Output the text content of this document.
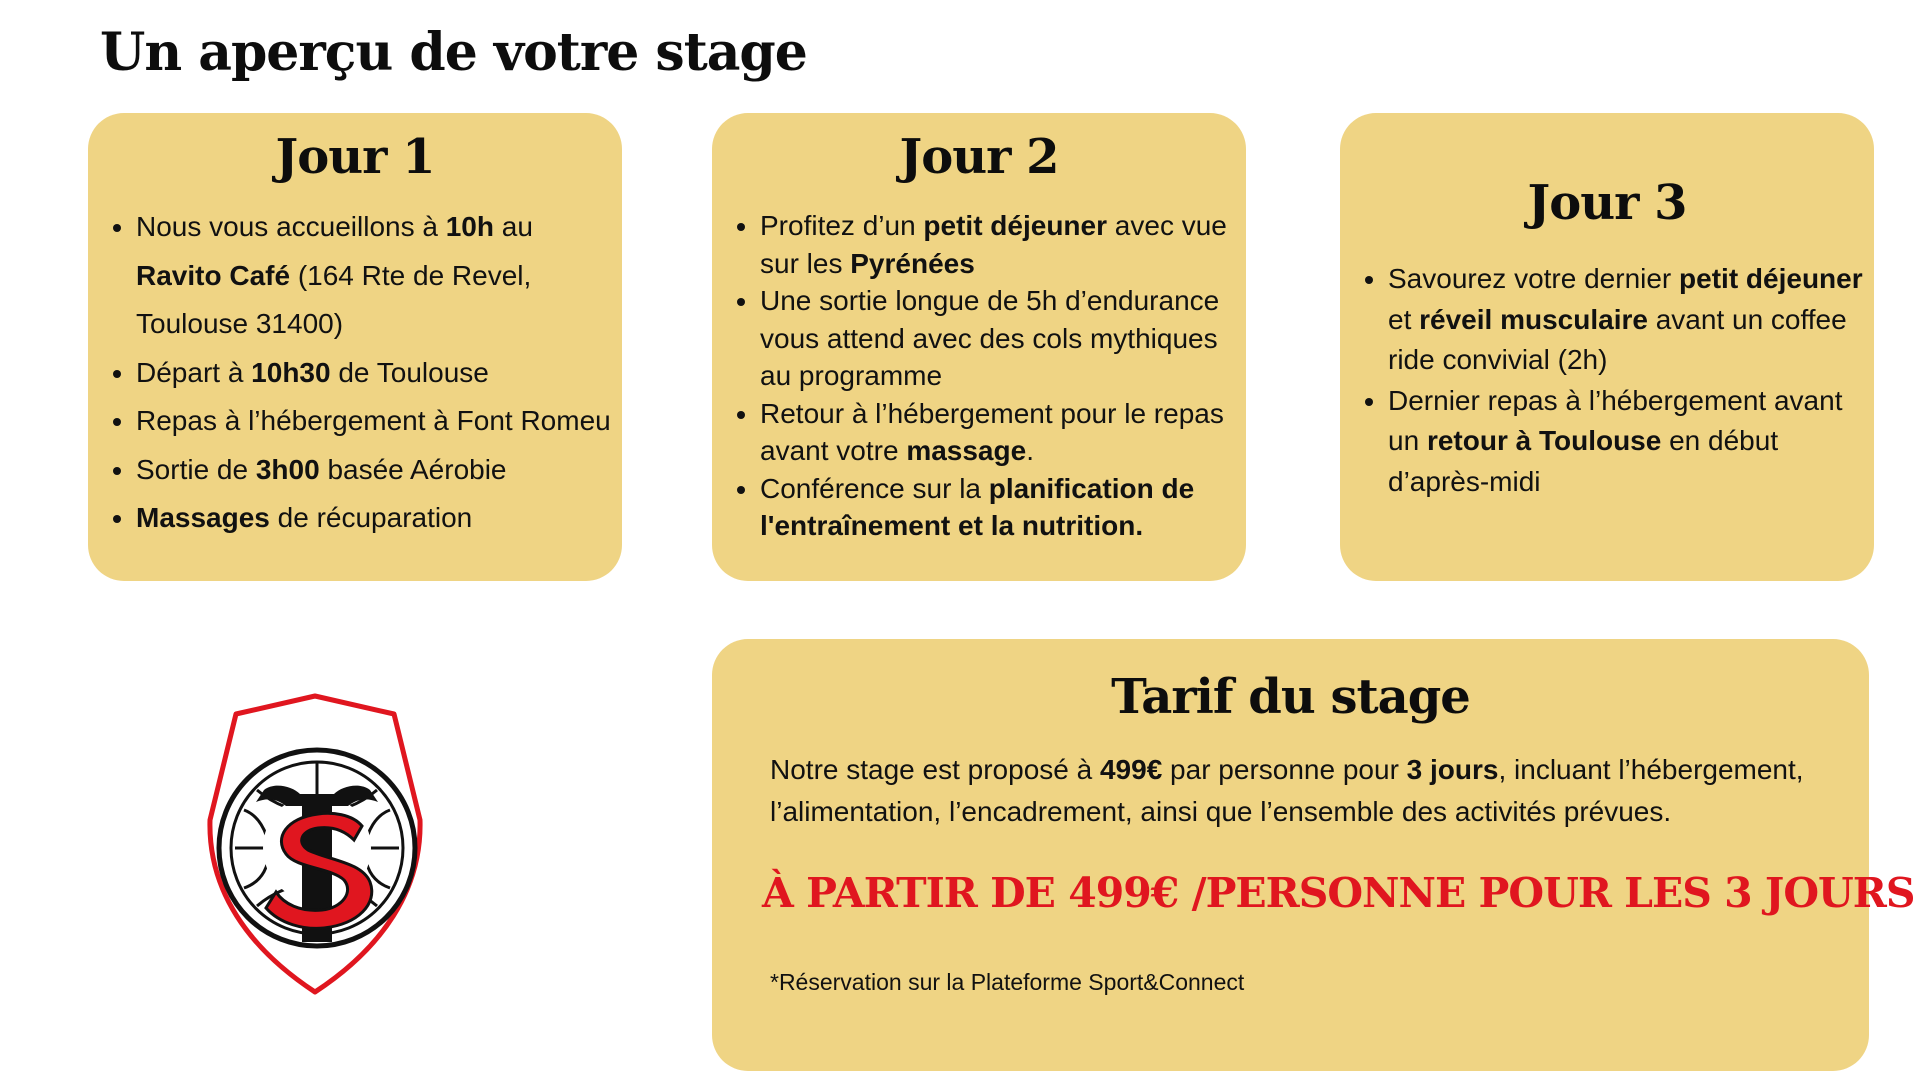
Un aperçu de votre stage
Jour 1
• Nous vous accueillons à 10h au Ravito Café (164 Rte de Revel, Toulouse 31400)
• Départ à 10h30 de Toulouse
• Repas à l’hébergement à Font Romeu
• Sortie de 3h00 basée Aérobie
• Massages de récuparation
Jour 2
• Profitez d’un petit déjeuner avec vue sur les Pyrénées
• Une sortie longue de 5h d’endurance vous attend avec des cols mythiques au programme
• Retour à l’hébergement pour le repas avant votre massage.
• Conférence sur la planification de l'entraînement et la nutrition.
Jour 3
• Savourez votre dernier petit déjeuner et réveil musculaire avant un coffee ride convivial (2h)
• Dernier repas à l’hébergement avant un retour à Toulouse en début d’après-midi
Tarif du stage

Notre stage est proposé à 499€ par personne pour 3 jours, incluant l’hébergement, l’alimentation, l’encadrement, ainsi que l’ensemble des activités prévues.

À PARTIR DE 499€ /PERSONNE POUR LES 3 JOURS
*Réservation sur la Plateforme Sport&Connect
